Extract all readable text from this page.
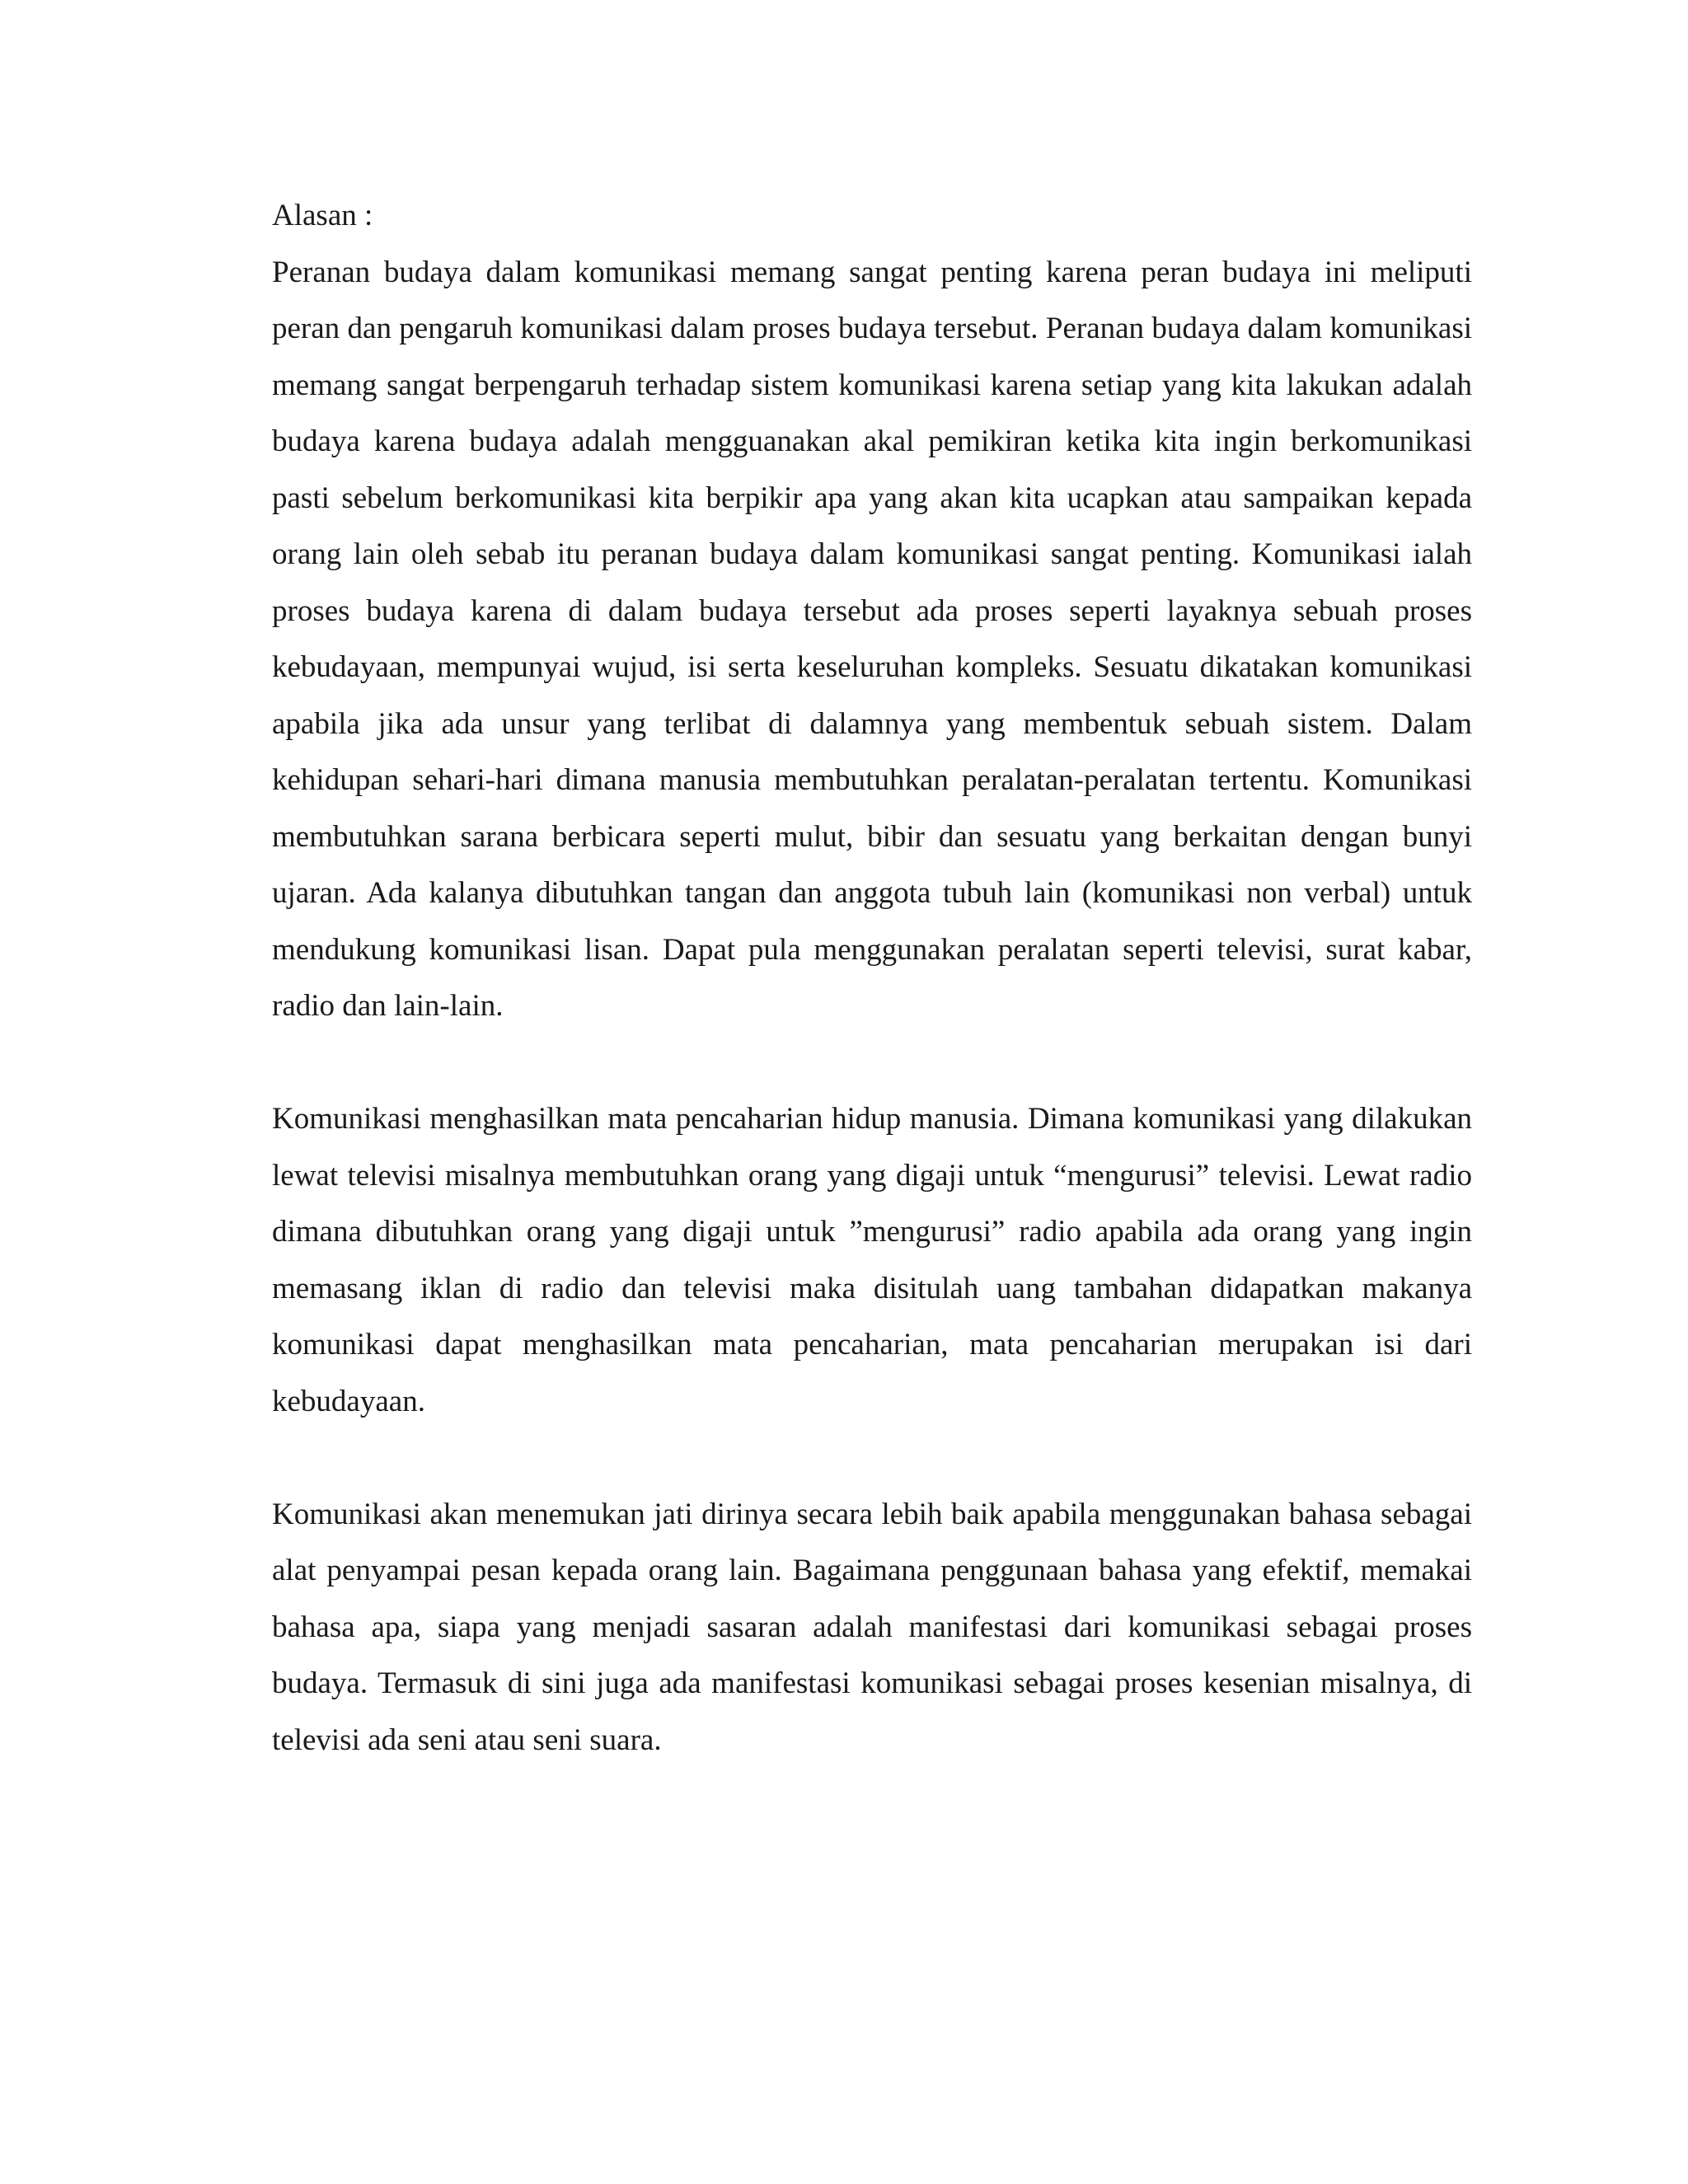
Alasan :

Peranan budaya dalam komunikasi memang sangat penting karena peran budaya ini meliputi peran dan pengaruh komunikasi dalam proses budaya tersebut. Peranan budaya dalam komunikasi memang sangat berpengaruh terhadap sistem komunikasi karena setiap yang kita lakukan adalah budaya karena budaya adalah mengguanakan akal pemikiran ketika kita ingin berkomunikasi pasti sebelum berkomunikasi kita berpikir apa yang akan kita ucapkan atau sampaikan kepada orang lain oleh sebab itu peranan budaya dalam komunikasi sangat penting. Komunikasi ialah proses budaya karena di dalam budaya tersebut ada proses seperti layaknya sebuah proses kebudayaan, mempunyai wujud, isi serta keseluruhan kompleks. Sesuatu dikatakan komunikasi apabila jika ada unsur yang terlibat di dalamnya yang membentuk sebuah sistem. Dalam kehidupan sehari-hari dimana manusia membutuhkan peralatan-peralatan tertentu. Komunikasi membutuhkan sarana berbicara seperti mulut, bibir dan sesuatu yang berkaitan dengan bunyi ujaran. Ada kalanya dibutuhkan tangan dan anggota tubuh lain (komunikasi non verbal) untuk mendukung komunikasi lisan. Dapat pula menggunakan peralatan seperti televisi, surat kabar, radio dan lain-lain.

Komunikasi menghasilkan mata pencaharian hidup manusia. Dimana komunikasi yang dilakukan lewat televisi misalnya membutuhkan orang yang digaji untuk “mengurusi” televisi. Lewat radio dimana dibutuhkan orang yang digaji untuk ”mengurusi” radio apabila ada orang yang ingin memasang iklan di radio dan televisi maka disitulah uang tambahan didapatkan makanya komunikasi dapat menghasilkan mata pencaharian, mata pencaharian merupakan isi dari kebudayaan.

Komunikasi akan menemukan jati dirinya secara lebih baik apabila menggunakan bahasa sebagai alat penyampai pesan kepada orang lain. Bagaimana penggunaan bahasa yang efektif, memakai bahasa apa, siapa yang menjadi sasaran adalah manifestasi dari komunikasi sebagai proses budaya. Termasuk di sini juga ada manifestasi komunikasi sebagai proses kesenian misalnya, di televisi ada seni atau seni suara.
